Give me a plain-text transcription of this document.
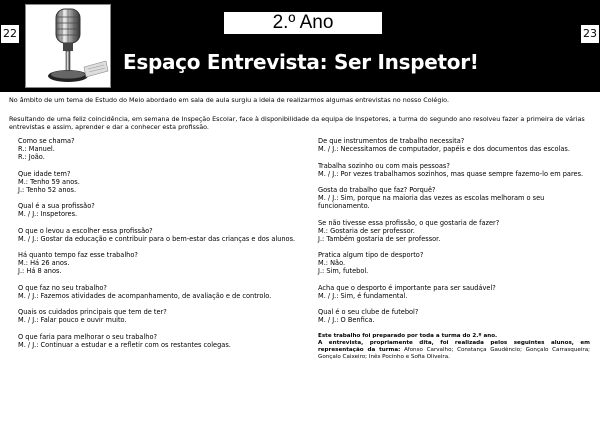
22
2.º Ano
Espaço Entrevista: Ser Inspetor!
23

No âmbito de um tema de Estudo do Meio abordado em sala de aula surgiu a ideia de realizarmos algumas entrevistas no nosso Colégio.

Resultando de uma feliz coincidência, em semana de Inspeção Escolar, face à disponibilidade da equipa de Inspetores, a turma do segundo ano resolveu fazer a primeira de várias entrevistas e assim, aprender e dar a conhecer esta profissão.

Como se chama?
R.: Manuel.
R.: João.
Que idade tem?
M.: Tenho 59 anos.
J.: Tenho 52 anos.
Qual é a sua profissão?
M. / J.: Inspetores.
O que o levou a escolher essa profissão?
M. / J.: Gostar da educação e contribuir para o bem-estar das crianças e dos alunos.
Há quanto tempo faz esse trabalho?
M.: Há 26 anos.
J.: Há 8 anos.
O que faz no seu trabalho?
M. / J.: Fazemos atividades de acompanhamento, de avaliação e de controlo.
Quais os cuidados principais que tem de ter?
M. / J.: Falar pouco e ouvir muito.
O que faria para melhorar o seu trabalho?
M. / J.: Continuar a estudar e a refletir com os restantes colegas.
De que instrumentos de trabalho necessita?
M. / J.: Necessitamos de computador, papéis e dos documentos das escolas.
Trabalha sozinho ou com mais pessoas?
M. / J.: Por vezes trabalhamos sozinhos, mas quase sempre fazemo-lo em pares.
Gosta do trabalho que faz? Porquê?
M. / J.: Sim, porque na maioria das vezes as escolas melhoram o seu funcionamento.
Se não tivesse essa profissão, o que gostaria de fazer?
M.: Gostaria de ser professor.
J.: Também gostaria de ser professor.
Pratica algum tipo de desporto?
M.: Não.
J.: Sim, futebol.
Acha que o desporto é importante para ser saudável?
M. / J.: Sim, é fundamental.
Qual é o seu clube de futebol?
M. / J.: O Benfica.
Este trabalho foi preparado por toda a turma do 2.º ano.
A entrevista, propriamente dita, foi realizada pelos seguintes alunos, em representação da turma: Afonso Carvalho; Constança Gaudêncio; Gonçalo Carrasqueira; Gonçalo Caixeiro; Inês Pocinho e Sofia Oliveira.
